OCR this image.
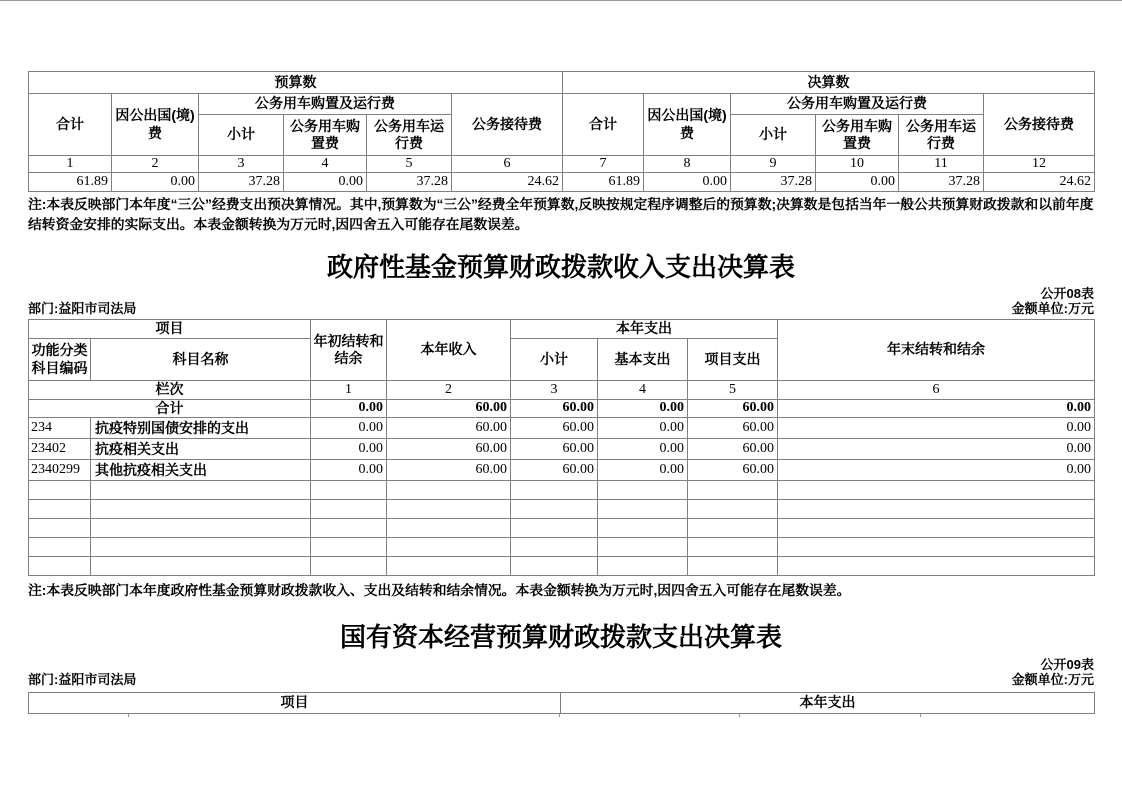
预算数						决算数					
合计	因公出国(境)费	公务用车购置及运行费			公务接待费	合计	因公出国(境)费	公务用车购置及运行费			公务接待费
		小计	公务用车购置费	公务用车运行费				小计	公务用车购置费	公务用车运行费	
1	2	3	4	5	6	7	8	9	10	11	12
61.89	0.00	37.28	0.00	37.28	24.62	61.89	0.00	37.28	0.00	37.28	24.62
注:本表反映部门本年度“三公”经费支出预决算情况。其中,预算数为“三公”经费全年预算数,反映按规定程序调整后的预算数;决算数是包括当年一般公共预算财政拨款和以前年度结转资金安排的实际支出。本表金额转换为万元时,因四舍五入可能存在尾数误差。
政府性基金预算财政拨款收入支出决算表
公开08表
部门:益阳市司法局	金额单位:万元
项目		年初结转和结余	本年收入	本年支出			年末结转和结余
功能分类科目编码	科目名称			小计	基本支出	项目支出	
栏次		1	2	3	4	5	6
合计		0.00	60.00	60.00	0.00	60.00	0.00
234	抗疫特别国债安排的支出	0.00	60.00	60.00	0.00	60.00	0.00
23402	抗疫相关支出	0.00	60.00	60.00	0.00	60.00	0.00
2340299	其他抗疫相关支出	0.00	60.00	60.00	0.00	60.00	0.00

注:本表反映部门本年度政府性基金预算财政拨款收入、支出及结转和结余情况。本表金额转换为万元时,因四舍五入可能存在尾数误差。
国有资本经营预算财政拨款支出决算表
公开09表
部门:益阳市司法局	金额单位:万元
项目	本年支出
